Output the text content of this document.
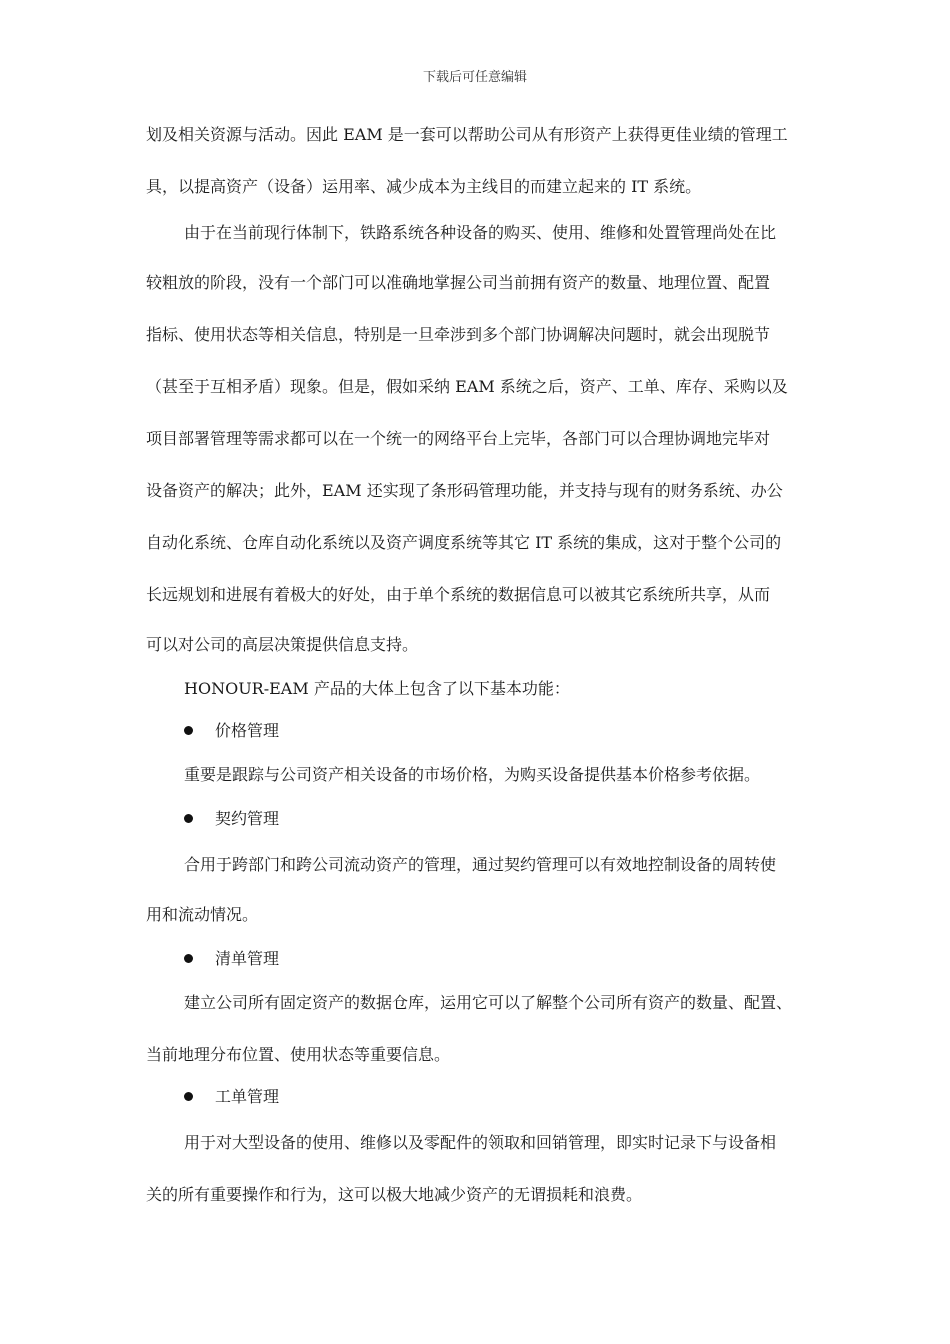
下载后可任意编辑
划及相关资源与活动。因此 EAM 是一套可以帮助公司从有形资产上获得更佳业绩的管理工
具，以提高资产（设备）运用率、减少成本为主线目的而建立起来的 IT 系统。
由于在当前现行体制下，铁路系统各种设备的购买、使用、维修和处置管理尚处在比
较粗放的阶段，没有一个部门可以准确地掌握公司当前拥有资产的数量、地理位置、配置
指标、使用状态等相关信息，特别是一旦牵涉到多个部门协调解决问题时，就会出现脱节
（甚至于互相矛盾）现象。但是，假如采纳 EAM 系统之后，资产、工单、库存、采购以及
项目部署管理等需求都可以在一个统一的网络平台上完毕，各部门可以合理协调地完毕对
设备资产的解决；此外，EAM 还实现了条形码管理功能，并支持与现有的财务系统、办公
自动化系统、仓库自动化系统以及资产调度系统等其它 IT 系统的集成，这对于整个公司的
长远规划和进展有着极大的好处，由于单个系统的数据信息可以被其它系统所共享，从而
可以对公司的高层决策提供信息支持。
HONOUR-EAM 产品的大体上包含了以下基本功能：
价格管理
重要是跟踪与公司资产相关设备的市场价格，为购买设备提供基本价格参考依据。
契约管理
合用于跨部门和跨公司流动资产的管理，通过契约管理可以有效地控制设备的周转使
用和流动情况。
清单管理
建立公司所有固定资产的数据仓库，运用它可以了解整个公司所有资产的数量、配置、
当前地理分布位置、使用状态等重要信息。
工单管理
用于对大型设备的使用、维修以及零配件的领取和回销管理，即实时记录下与设备相
关的所有重要操作和行为，这可以极大地减少资产的无谓损耗和浪费。
